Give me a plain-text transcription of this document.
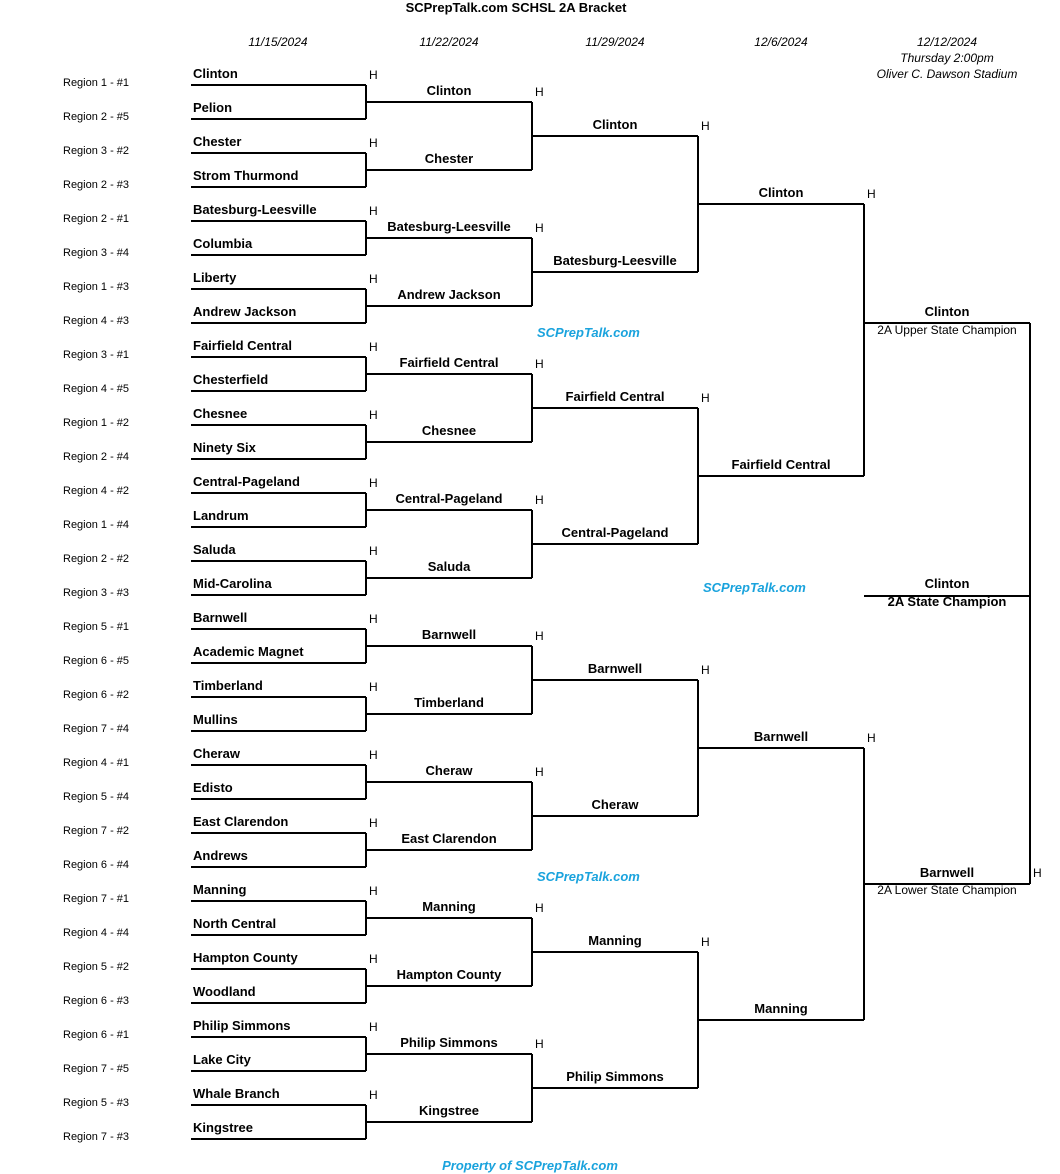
SCPrepTalk.com SCHSL 2A Bracket
11/15/2024	11/22/2024	11/29/2024	12/6/2024	12/12/2024
Thursday 2:00pm
Oliver C. Dawson Stadium
Clinton
2A Upper State Champion
Clinton
2A State Champion
Barnwell
2A Lower State Champion
H
SCPrepTalk.com
SCPrepTalk.com
SCPrepTalk.com
Property of SCPrepTalk.com
Region 1 - #1
Clinton	H
Region 2 - #5
Pelion
Region 3 - #2
Chester	H
Region 2 - #3
Strom Thurmond
Region 2 - #1
Batesburg-Leesville	H
Region 3 - #4
Columbia
Region 1 - #3
Liberty	H
Region 4 - #3
Andrew Jackson
Region 3 - #1
Fairfield Central	H
Region 4 - #5
Chesterfield
Region 1 - #2
Chesnee	H
Region 2 - #4
Ninety Six
Region 4 - #2
Central-Pageland	H
Region 1 - #4
Landrum
Region 2 - #2
Saluda	H
Region 3 - #3
Mid-Carolina
Region 5 - #1
Barnwell	H
Region 6 - #5
Academic Magnet
Region 6 - #2
Timberland	H
Region 7 - #4
Mullins
Region 4 - #1
Cheraw	H
Region 5 - #4
Edisto
Region 7 - #2
East Clarendon	H
Region 6 - #4
Andrews
Region 7 - #1
Manning	H
Region 4 - #4
North Central
Region 5 - #2
Hampton County	H
Region 6 - #3
Woodland
Region 6 - #1
Philip Simmons	H
Region 7 - #5
Lake City
Region 5 - #3
Whale Branch	H
Region 7 - #3
Kingstree
Clinton	H
Chester
Batesburg-Leesville H
Andrew Jackson
Fairfield Central	H
Chesnee
Central-Pageland	H
Saluda
Barnwell	H
Timberland
Cheraw	H
East Clarendon
Manning	H
Hampton County
Philip Simmons	H
Kingstree
Clinton	H
Batesburg-Leesville
Fairfield Central	H
Central-Pageland
Barnwell	H
Cheraw
Manning	H
Philip Simmons
Clinton	H
Fairfield Central
Barnwell	H
Manning
